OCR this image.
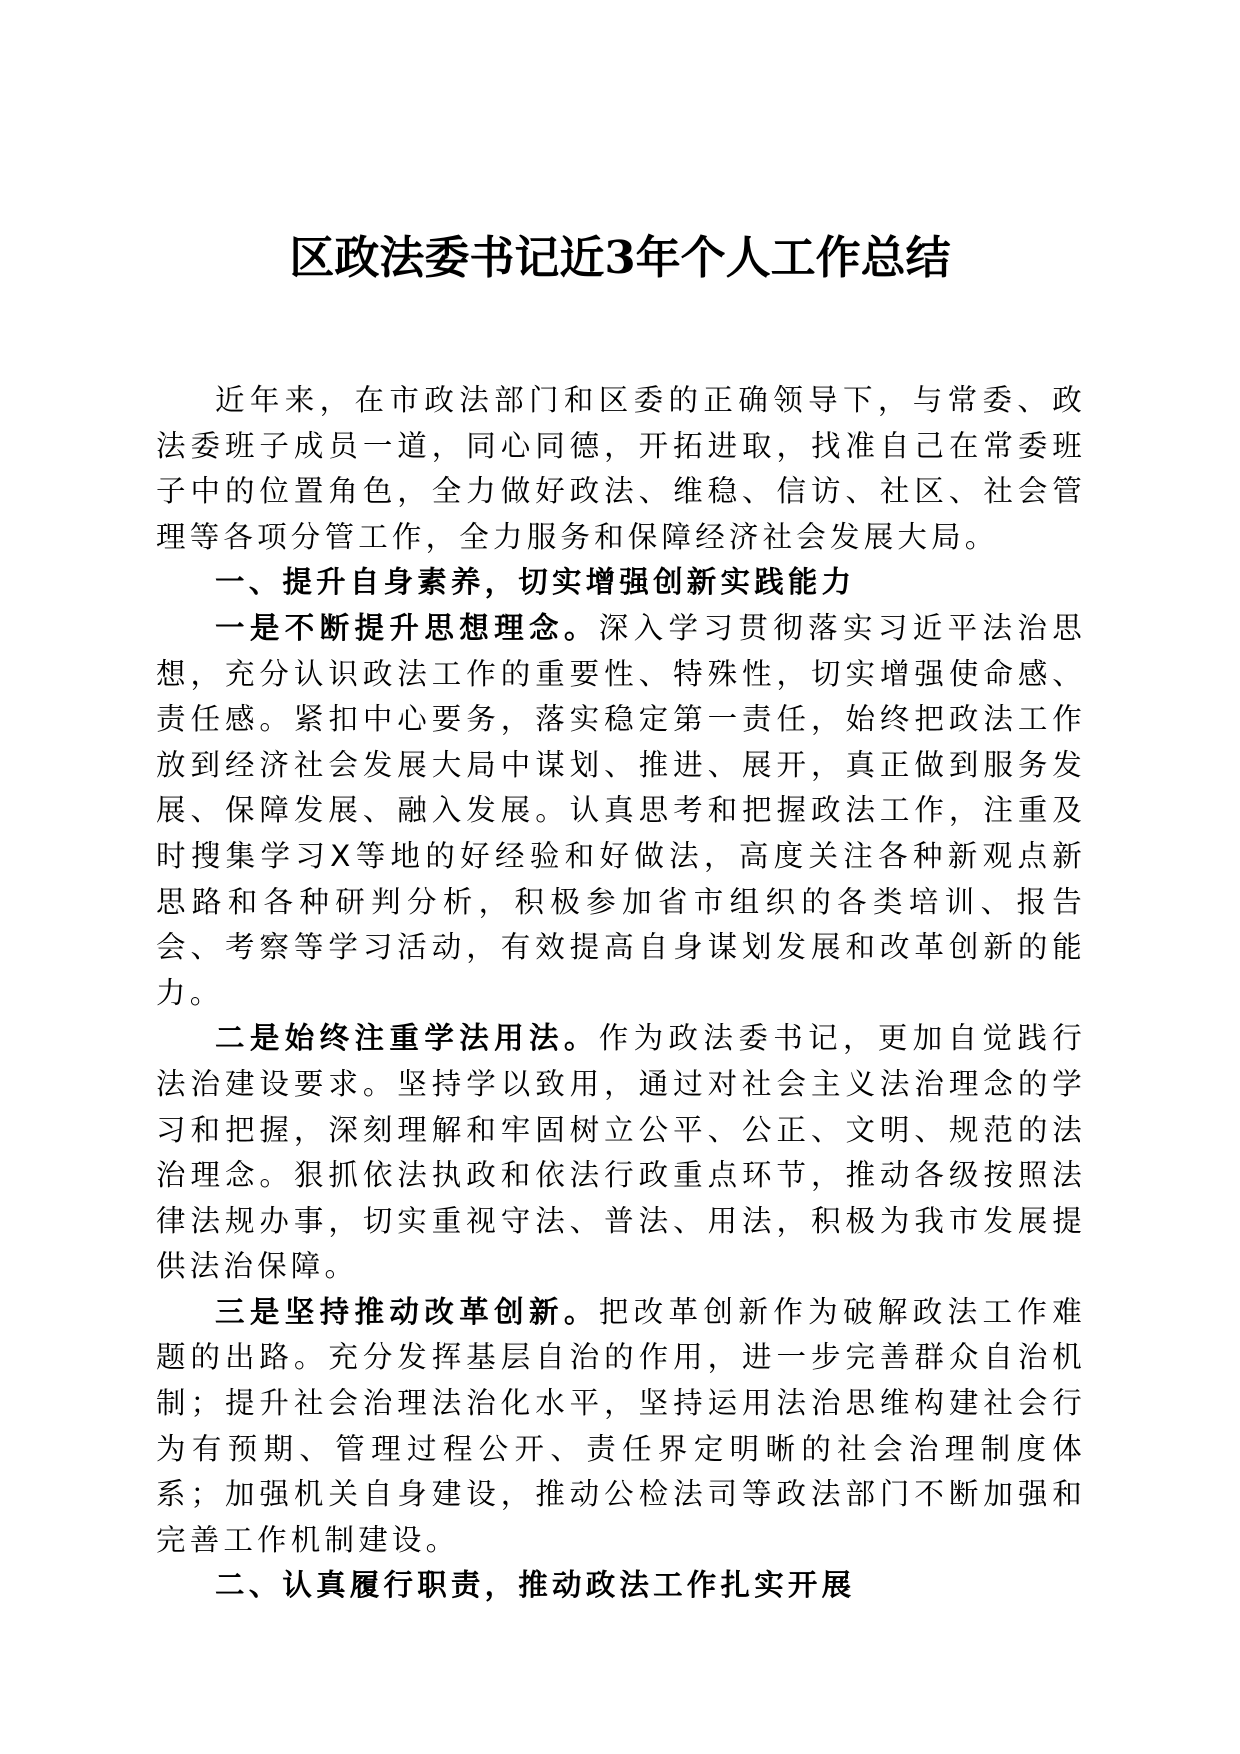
区政法委书记近3年个人工作总结

近年来，在市政法部门和区委的正确领导下，与常委、政法委班子成员一道，同心同德，开拓进取，找准自己在常委班子中的位置角色，全力做好政法、维稳、信访、社区、社会管理等各项分管工作，全力服务和保障经济社会发展大局。

一、提升自身素养，切实增强创新实践能力

一是不断提升思想理念。深入学习贯彻落实习近平法治思想，充分认识政法工作的重要性、特殊性，切实增强使命感、责任感。紧扣中心要务，落实稳定第一责任，始终把政法工作放到经济社会发展大局中谋划、推进、展开，真正做到服务发展、保障发展、融入发展。认真思考和把握政法工作，注重及时搜集学习X等地的好经验和好做法，高度关注各种新观点新思路和各种研判分析，积极参加省市组织的各类培训、报告会、考察等学习活动，有效提高自身谋划发展和改革创新的能力。

二是始终注重学法用法。作为政法委书记，更加自觉践行法治建设要求。坚持学以致用，通过对社会主义法治理念的学习和把握，深刻理解和牢固树立公平、公正、文明、规范的法治理念。狠抓依法执政和依法行政重点环节，推动各级按照法律法规办事，切实重视守法、普法、用法，积极为我市发展提供法治保障。

三是坚持推动改革创新。把改革创新作为破解政法工作难题的出路。充分发挥基层自治的作用，进一步完善群众自治机制；提升社会治理法治化水平，坚持运用法治思维构建社会行为有预期、管理过程公开、责任界定明晰的社会治理制度体系；加强机关自身建设，推动公检法司等政法部门不断加强和完善工作机制建设。

二、认真履行职责，推动政法工作扎实开展
